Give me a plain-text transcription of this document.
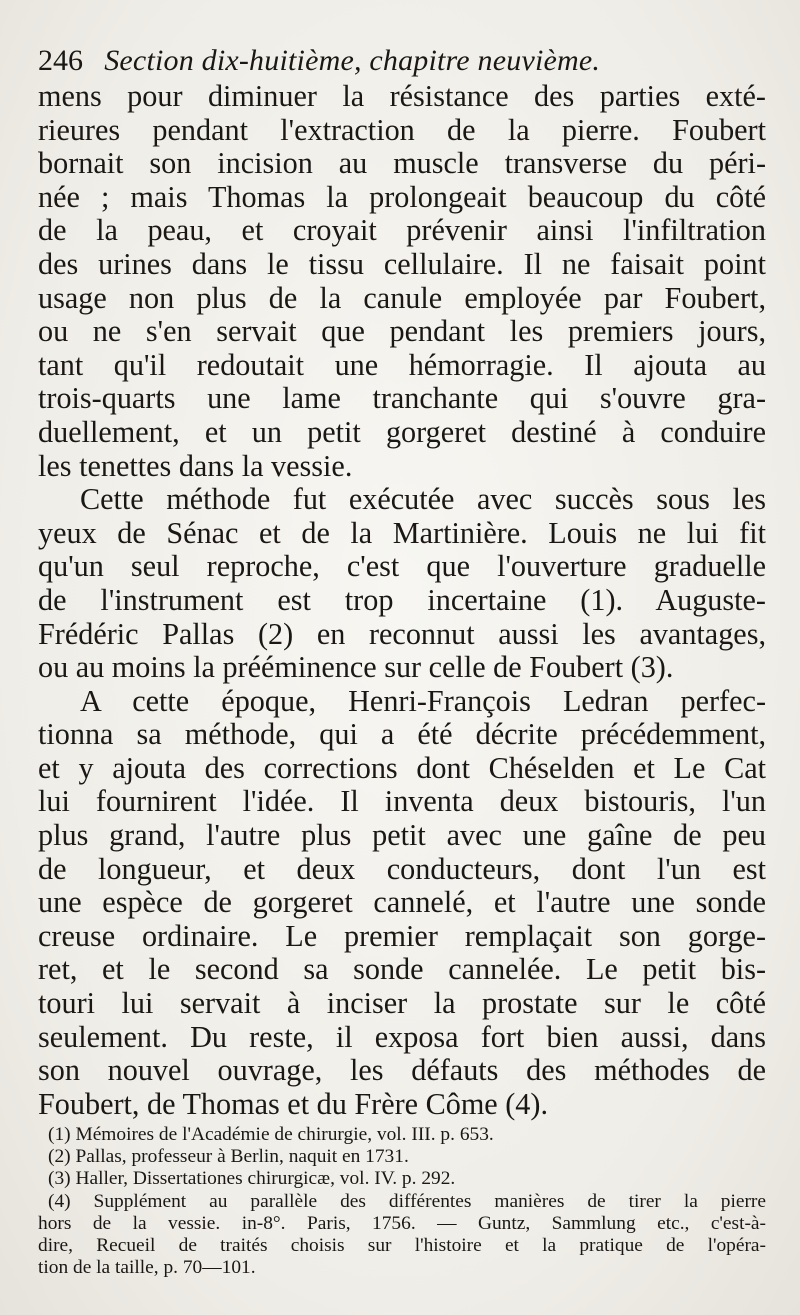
246 Section dix-huitième, chapitre neuvième.
mens pour diminuer la résistance des parties exté-
rieures pendant l'extraction de la pierre. Foubert
bornait son incision au muscle transverse du péri-
née ; mais Thomas la prolongeait beaucoup du côté
de la peau, et croyait prévenir ainsi l'infiltration
des urines dans le tissu cellulaire. Il ne faisait point
usage non plus de la canule employée par Foubert,
ou ne s'en servait que pendant les premiers jours,
tant qu'il redoutait une hémorragie. Il ajouta au
trois-quarts une lame tranchante qui s'ouvre gra-
duellement, et un petit gorgeret destiné à conduire
les tenettes dans la vessie.
Cette méthode fut exécutée avec succès sous les
yeux de Sénac et de la Martinière. Louis ne lui fit
qu'un seul reproche, c'est que l'ouverture graduelle
de l'instrument est trop incertaine (1). Auguste-
Frédéric Pallas (2) en reconnut aussi les avantages,
ou au moins la prééminence sur celle de Foubert (3).
A cette époque, Henri-François Ledran perfec-
tionna sa méthode, qui a été décrite précédemment,
et y ajouta des corrections dont Chéselden et Le Cat
lui fournirent l'idée. Il inventa deux bistouris, l'un
plus grand, l'autre plus petit avec une gaîne de peu
de longueur, et deux conducteurs, dont l'un est
une espèce de gorgeret cannelé, et l'autre une sonde
creuse ordinaire. Le premier remplaçait son gorge-
ret, et le second sa sonde cannelée. Le petit bis-
touri lui servait à inciser la prostate sur le côté
seulement. Du reste, il exposa fort bien aussi, dans
son nouvel ouvrage, les défauts des méthodes de
Foubert, de Thomas et du Frère Côme (4).
(1) Mémoires de l'Académie de chirurgie, vol. III. p. 653.
(2) Pallas, professeur à Berlin, naquit en 1731.
(3) Haller, Dissertationes chirurgicæ, vol. IV. p. 292.
(4) Supplément au parallèle des différentes manières de tirer la pierre
hors de la vessie. in-8°. Paris, 1756. — Guntz, Sammlung etc., c'est-à-
dire, Recueil de traités choisis sur l'histoire et la pratique de l'opéra-
tion de la taille, p. 70—101.
